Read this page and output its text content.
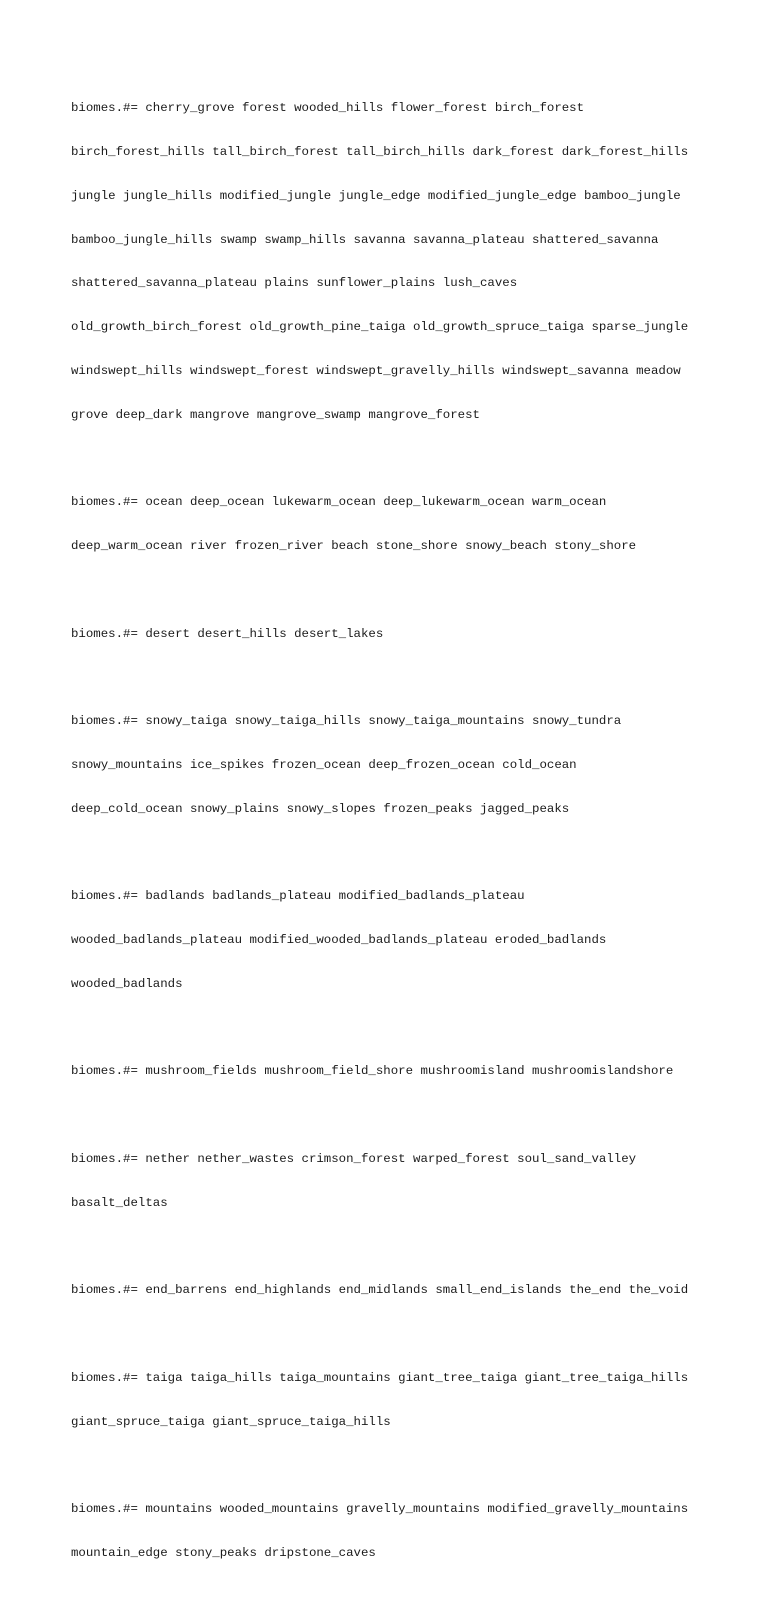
biomes.#= cherry_grove forest wooded_hills flower_forest birch_forest

birch_forest_hills tall_birch_forest tall_birch_hills dark_forest dark_forest_hills

jungle jungle_hills modified_jungle jungle_edge modified_jungle_edge bamboo_jungle

bamboo_jungle_hills swamp swamp_hills savanna savanna_plateau shattered_savanna

shattered_savanna_plateau plains sunflower_plains lush_caves

old_growth_birch_forest old_growth_pine_taiga old_growth_spruce_taiga sparse_jungle

windswept_hills windswept_forest windswept_gravelly_hills windswept_savanna meadow

grove deep_dark mangrove mangrove_swamp mangrove_forest

biomes.#= ocean deep_ocean lukewarm_ocean deep_lukewarm_ocean warm_ocean

deep_warm_ocean river frozen_river beach stone_shore snowy_beach stony_shore

biomes.#= desert desert_hills desert_lakes

biomes.#= snowy_taiga snowy_taiga_hills snowy_taiga_mountains snowy_tundra

snowy_mountains ice_spikes frozen_ocean deep_frozen_ocean cold_ocean

deep_cold_ocean snowy_plains snowy_slopes frozen_peaks jagged_peaks

biomes.#= badlands badlands_plateau modified_badlands_plateau

wooded_badlands_plateau modified_wooded_badlands_plateau eroded_badlands

wooded_badlands

biomes.#= mushroom_fields mushroom_field_shore mushroomisland mushroomislandshore

biomes.#= nether nether_wastes crimson_forest warped_forest soul_sand_valley

basalt_deltas

biomes.#= end_barrens end_highlands end_midlands small_end_islands the_end the_void

biomes.#= taiga taiga_hills taiga_mountains giant_tree_taiga giant_tree_taiga_hills

giant_spruce_taiga giant_spruce_taiga_hills

biomes.#= mountains wooded_mountains gravelly_mountains modified_gravelly_mountains

mountain_edge stony_peaks dripstone_caves
